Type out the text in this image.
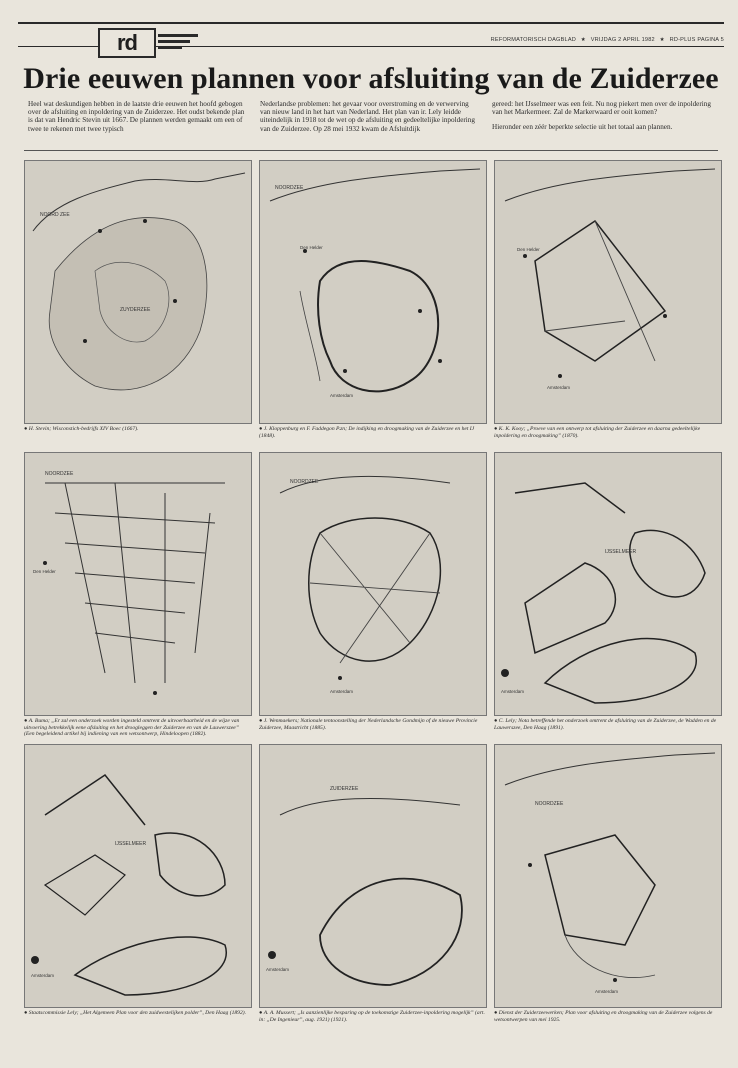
rd	REFORMATORISCH DAGBLAD ★ VRIJDAG 2 APRIL 1982 ★ RD-PLUS PAGINA 5
Drie eeuwen plannen voor afsluiting van de Zuiderzee

Heel wat deskundigen hebben in de laatste drie eeuwen het hoofd gebogen over de afsluiting en inpoldering van de Zuiderzee. Het oudst bekende plan is dat van Hendric Stevin uit 1667. De plannen werden gemaakt om een of twee te rekenen met twee typisch

Nederlandse problemen: het gevaar voor overstroming en de verwerving van nieuw land in het hart van Nederland. Het plan van ir. Lely leidde uiteindelijk in 1918 tot de wet op de afsluiting en gedeeltelijke inpoldering van de Zuiderzee. Op 28 mei 1932 kwam de Afsluitdijk

gereed: het IJsselmeer was een feit. Nu nog piekert men over de inpoldering van het Markermeer. Zal de Markerwaard er ooit komen?

Hieronder een zéér beperkte selectie uit het totaal aan plannen.

NOORD ZEE
ZUYDERZEE
● H. Stevin; Wisconstich-bedrijfs XIV Boec (1667).
NOORDZEE
Den Helder
Amsterdam
● J. Kloppenburg en F. Faddegon P.zn; De indijking en droogmaking van de Zuiderzee en het IJ (1848).
Den Helder
Amsterdam
● K. K. Kooy; „Proeve van een ontwerp tot afsluiting der Zuiderzee en daarna gedeeltelijke inpoldering en droogmaking” (1870).
NOORDZEE
Den Helder
● A. Buma; „Er zal een onderzoek worden ingesteld omtrent de uitvoerbaarheid en de wijze van uitvoering betrekkelijk eene afsluiting en het droogleggen der Zuiderzee en van de Lauwerszee” (Een begeleidend artikel bij indiening van een wetsontwerp, Hindeloopen (1882).
NOORDZEE
Amsterdam
● J. Wenmaekers; Nationale tentoonstelling der Nederlandsche Gondmijn of de nieuwe Provincie Zuiderzee, Maastricht (1885).
IJSSELMEER
Amsterdam
● C. Lely; Nota betreffende het onderzoek omtrent de afsluiting van de Zuiderzee, de Wadden en de Lauwerszee, Den Haag (1891).
IJSSELMEER
Amsterdam
● Staatscommissie Lely; „Het Algemeen Plan voor den zuidwestelijken polder”, Den Haag (1892).
ZUIDERZEE
Amsterdam
● A. A. Mussert; „Is aanzienlijke besparing op de toekomstige Zuiderzee-inpoldering mogelijk” (art. in: „De Ingenieur”, aug. 1921) (1921).
NOORDZEE
Amsterdam
● Dienst der Zuiderzeewerken; Plan voor afsluiting en droogmaking van de Zuiderzee volgens de wetsontwerpen van mei 1925.
